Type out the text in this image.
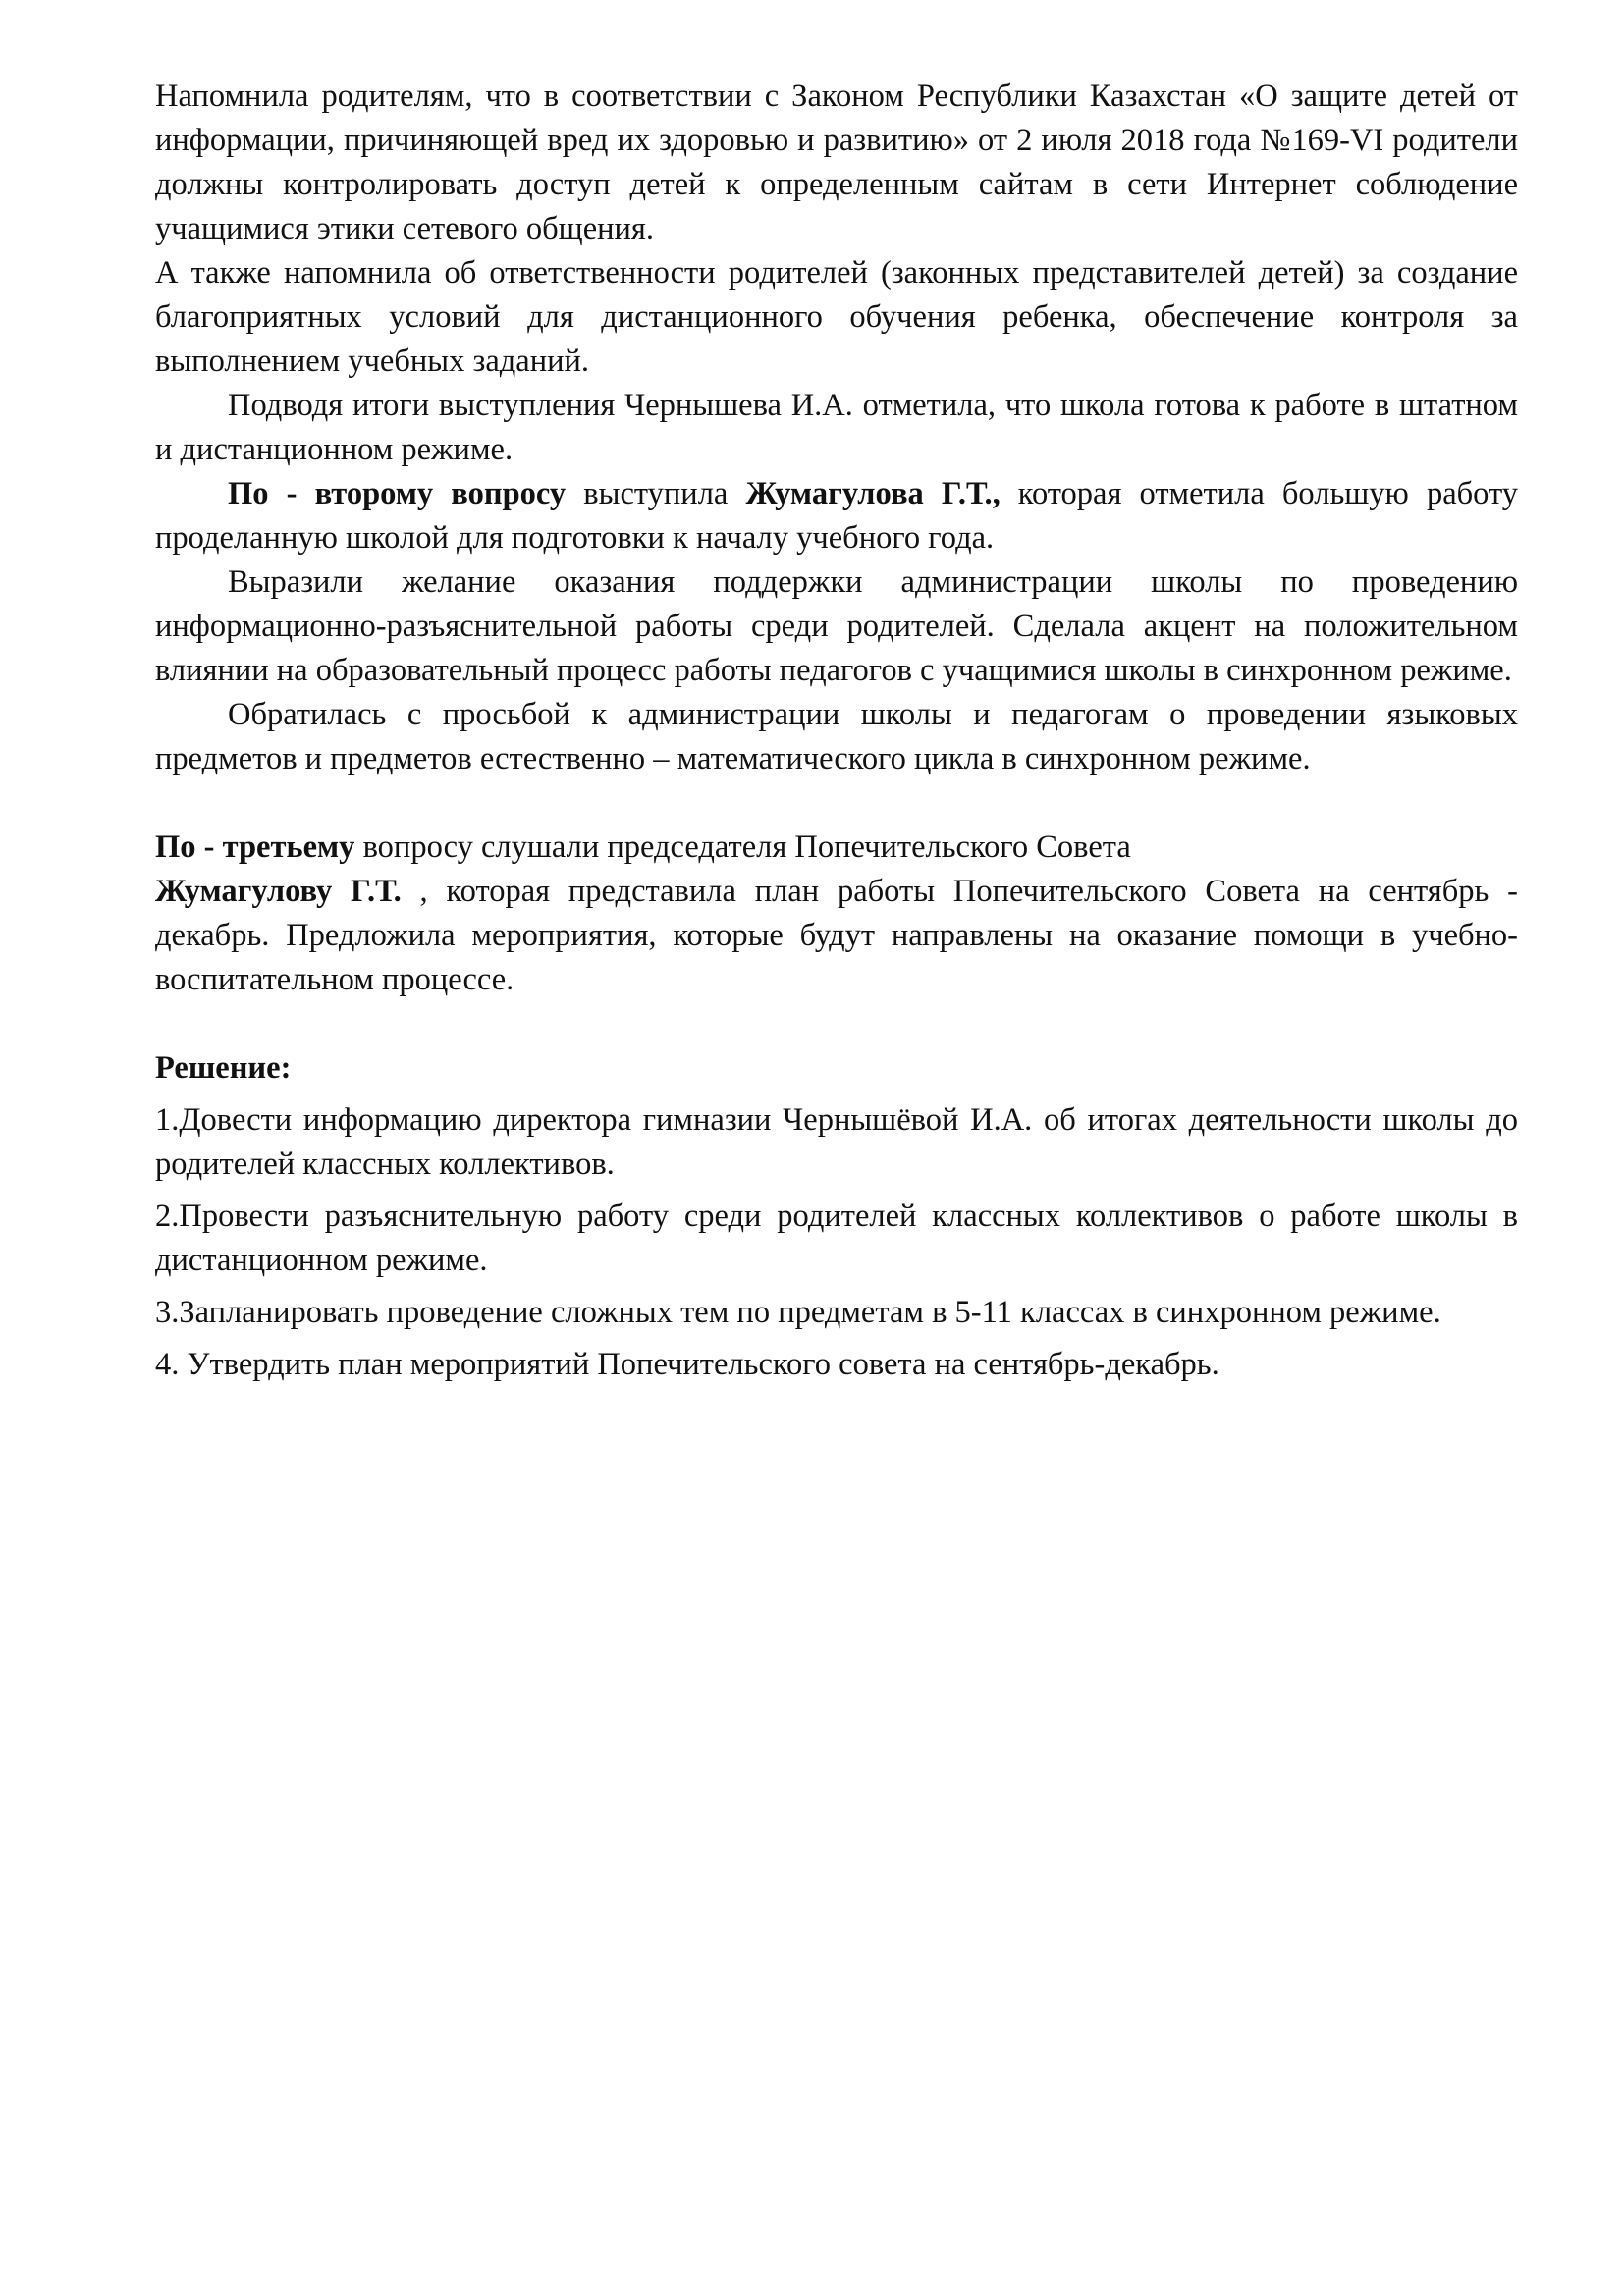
Напомнила родителям, что в соответствии с Законом Республики Казахстан «О защите детей от информации, причиняющей вред их здоровью и развитию» от 2 июля 2018 года №169-VI родители должны контролировать доступ детей к определенным сайтам в сети Интернет соблюдение учащимися этики сетевого общения.

А также напомнила об ответственности родителей (законных представителей детей) за создание благоприятных условий для дистанционного обучения ребенка, обеспечение контроля за выполнением учебных заданий.

Подводя итоги выступления Чернышева И.А. отметила, что школа готова к работе в штатном и дистанционном режиме.

По - второму вопросу выступила Жумагулова Г.Т., которая отметила большую работу проделанную школой для подготовки к началу учебного года.

Выразили желание оказания поддержки администрации школы по проведению информационно-разъяснительной работы среди родителей. Сделала акцент на положительном влиянии на образовательный процесс работы педагогов с учащимися школы в синхронном режиме.

Обратилась с просьбой к администрации школы и педагогам о проведении языковых предметов и предметов естественно – математического цикла в синхронном режиме.

По - третьему вопросу слушали председателя Попечительского Совета
Жумагулову Г.Т. , которая представила план работы Попечительского Совета на сентябрь - декабрь. Предложила мероприятия, которые будут направлены на оказание помощи в учебно-воспитательном процессе.

Решение:

1.Довести информацию директора гимназии Чернышёвой И.А. об итогах деятельности школы до родителей классных коллективов.

2.Провести разъяснительную работу среди родителей классных коллективов о работе школы в дистанционном режиме.

3.Запланировать проведение сложных тем по предметам в 5-11 классах в синхронном режиме.

4. Утвердить план мероприятий Попечительского совета на сентябрь-декабрь.
